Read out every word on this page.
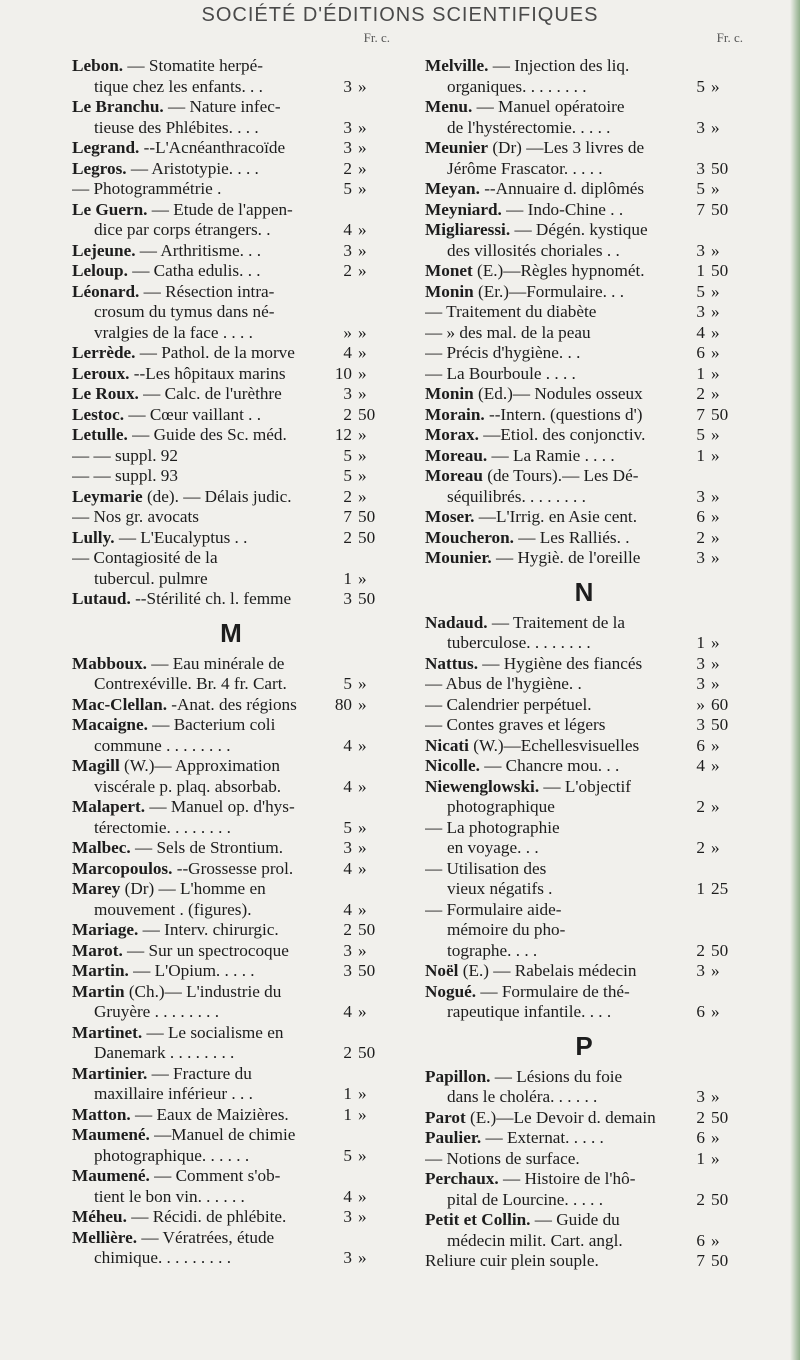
SOCIÉTÉ D'ÉDITIONS SCIENTIFIQUES
Fr. c.
Lebon. — Stomatite herpé-
tique chez les enfants. . .	3 »
Le Branchu. — Nature infec-
tieuse des Phlébites. . . .	3 »
Legrand. --L'Acnéanthracoïde	3 »
Legros. — Aristotypie. . . .	2 »
— Photogrammétrie .	5 »
Le Guern. — Etude de l'appen-
dice par corps étrangers. .	4 »
Lejeune. — Arthritisme. . .	3 »
Leloup. — Catha edulis. . .	2 »
Léonard. — Résection intra-
crosum du tymus dans né-
vralgies de la face . . . .	» »
Lerrède. — Pathol. de la morve	4 »
Leroux. --Les hôpitaux marins	10 »
Le Roux. — Calc. de l'urèthre	3 »
Lestoc. — Cœur vaillant . .	2 50
Letulle. — Guide des Sc. méd.	12 »
— — suppl. 92	5 »
— — suppl. 93	5 »
Leymarie (de). — Délais judic.	2 »
— Nos gr. avocats	7 50
Lully. — L'Eucalyptus . .	2 50
— Contagiosité de la
tubercul. pulmre	1 »
Lutaud. --Stérilité ch. l. femme	3 50
M
Mabboux. — Eau minérale de
Contrexéville. Br. 4 fr. Cart.	5 »
Mac-Clellan. -Anat. des régions	80 »
Macaigne. — Bacterium coli
commune . . . . . . . .	4 »
Magill (W.)— Approximation
viscérale p. plaq. absorbab.	4 »
Malapert. — Manuel op. d'hys-
térectomie. . . . . . . .	5 »
Malbec. — Sels de Strontium.	3 »
Marcopoulos. --Grossesse prol.	4 »
Marey (Dr) — L'homme en
mouvement . (figures).	4 »
Mariage. — Interv. chirurgic.	2 50
Marot. — Sur un spectrocoque	3 »
Martin. — L'Opium. . . . .	3 50
Martin (Ch.)— L'industrie du
Gruyère . . . . . . . .	4 »
Martinet. — Le socialisme en
Danemark . . . . . . . .	2 50
Martinier. — Fracture du
maxillaire inférieur . . .	1 »
Matton. — Eaux de Maizières.	1 »
Maumené. —Manuel de chimie
photographique. . . . . .	5 »
Maumené. — Comment s'ob-
tient le bon vin. . . . . .	4 »
Méheu. — Récidi. de phlébite.	3 »
Mellière. — Vératrées, étude
chimique. . . . . . . . .	3 »
Fr. c.
Melville. — Injection des liq.
organiques. . . . . . . .	5 »
Menu. — Manuel opératoire
de l'hystérectomie. . . . .	3 »
Meunier (Dr) —Les 3 livres de
Jérôme Frascator. . . . .	3 50
Meyan. --Annuaire d. diplômés	5 »
Meyniard. — Indo-Chine . .	7 50
Migliaressi. — Dégén. kystique
des villosités choriales . .	3 »
Monet (E.)—Règles hypnomét.	1 50
Monin (Er.)—Formulaire. . .	5 »
— Traitement du diabète	3 »
— » des mal. de la peau	4 »
— Précis d'hygiène. . .	6 »
— La Bourboule . . . .	1 »
Monin (Ed.)— Nodules osseux	2 »
Morain. --Intern. (questions d')	7 50
Morax. —Etiol. des conjonctiv.	5 »
Moreau. — La Ramie . . . .	1 »
Moreau (de Tours).— Les Dé-
séquilibrés. . . . . . . .	3 »
Moser. —L'Irrig. en Asie cent.	6 »
Moucheron. — Les Ralliés. .	2 »
Mounier. — Hygiè. de l'oreille	3 »
N
Nadaud. — Traitement de la
tuberculose. . . . . . . .	1 »
Nattus. — Hygiène des fiancés	3 »
— Abus de l'hygiène. .	3 »
— Calendrier perpétuel.	» 60
— Contes graves et légers	3 50
Nicati (W.)—Echellesvisuelles	6 »
Nicolle. — Chancre mou. . .	4 »
Niewenglowski. — L'objectif
photographique	2 »
— La photographie
en voyage. . .	2 »
— Utilisation des
vieux négatifs .	1 25
— Formulaire aide-
mémoire du pho-
tographe. . . .	2 50
Noël (E.) — Rabelais médecin	3 »
Nogué. — Formulaire de thé-
rapeutique infantile. . . .	6 »
P
Papillon. — Lésions du foie
dans le choléra. . . . . .	3 »
Parot (E.)—Le Devoir d. demain	2 50
Paulier. — Externat. . . . .	6 »
— Notions de surface.	1 »
Perchaux. — Histoire de l'hô-
pital de Lourcine. . . . .	2 50
Petit et Collin. — Guide du
médecin milit. Cart. angl.	6 »
Reliure cuir plein souple.	7 50
